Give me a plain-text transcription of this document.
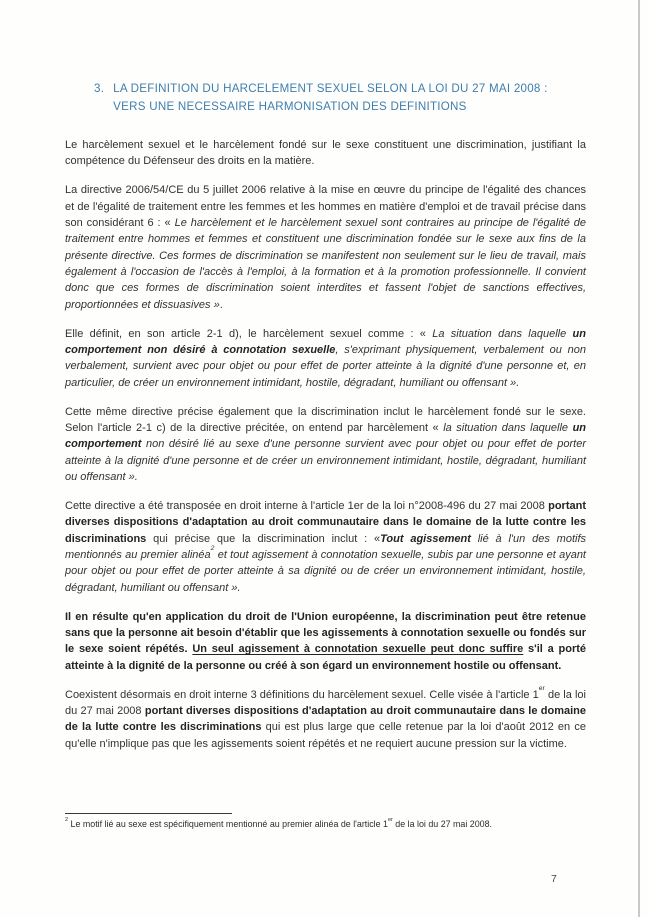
3. LA DEFINITION DU HARCELEMENT SEXUEL SELON LA LOI DU 27 MAI 2008 :
VERS UNE NECESSAIRE HARMONISATION DES DEFINITIONS
Le harcèlement sexuel et le harcèlement fondé sur le sexe constituent une discrimination, justifiant la compétence du Défenseur des droits en la matière.
La directive 2006/54/CE du 5 juillet 2006 relative à la mise en œuvre du principe de l'égalité des chances et de l'égalité de traitement entre les femmes et les hommes en matière d'emploi et de travail précise dans son considérant 6 : « Le harcèlement et le harcèlement sexuel sont contraires au principe de l'égalité de traitement entre hommes et femmes et constituent une discrimination fondée sur le sexe aux fins de la présente directive. Ces formes de discrimination se manifestent non seulement sur le lieu de travail, mais également à l'occasion de l'accès à l'emploi, à la formation et à la promotion professionnelle. Il convient donc que ces formes de discrimination soient interdites et fassent l'objet de sanctions effectives, proportionnées et dissuasives ».
Elle définit, en son article 2-1 d), le harcèlement sexuel comme : « La situation dans laquelle un comportement non désiré à connotation sexuelle, s'exprimant physiquement, verbalement ou non verbalement, survient avec pour objet ou pour effet de porter atteinte à la dignité d'une personne et, en particulier, de créer un environnement intimidant, hostile, dégradant, humiliant ou offensant ».
Cette même directive précise également que la discrimination inclut le harcèlement fondé sur le sexe. Selon l'article 2-1 c) de la directive précitée, on entend par harcèlement « la situation dans laquelle un comportement non désiré lié au sexe d'une personne survient avec pour objet ou pour effet de porter atteinte à la dignité d'une personne et de créer un environnement intimidant, hostile, dégradant, humiliant ou offensant ».
Cette directive a été transposée en droit interne à l'article 1er de la loi n°2008-496 du 27 mai 2008 portant diverses dispositions d'adaptation au droit communautaire dans le domaine de la lutte contre les discriminations qui précise que la discrimination inclut : «Tout agissement lié à l'un des motifs mentionnés au premier alinéa$^2$ et tout agissement à connotation sexuelle, subis par une personne et ayant pour objet ou pour effet de porter atteinte à sa dignité ou de créer un environnement intimidant, hostile, dégradant, humiliant ou offensant ».
Il en résulte qu'en application du droit de l'Union européenne, la discrimination peut être retenue sans que la personne ait besoin d'établir que les agissements à connotation sexuelle ou fondés sur le sexe soient répétés. Un seul agissement à connotation sexuelle peut donc suffire s'il a porté atteinte à la dignité de la personne ou créé à son égard un environnement hostile ou offensant.
Coexistent désormais en droit interne 3 définitions du harcèlement sexuel. Celle visée à l'article 1er de la loi du 27 mai 2008 portant diverses dispositions d'adaptation au droit communautaire dans le domaine de la lutte contre les discriminations qui est plus large que celle retenue par la loi d'août 2012 en ce qu'elle n'implique pas que les agissements soient répétés et ne requiert aucune pression sur la victime.
$^2$ Le motif lié au sexe est spécifiquement mentionné au premier alinéa de l'article 1er de la loi du 27 mai 2008.
7
